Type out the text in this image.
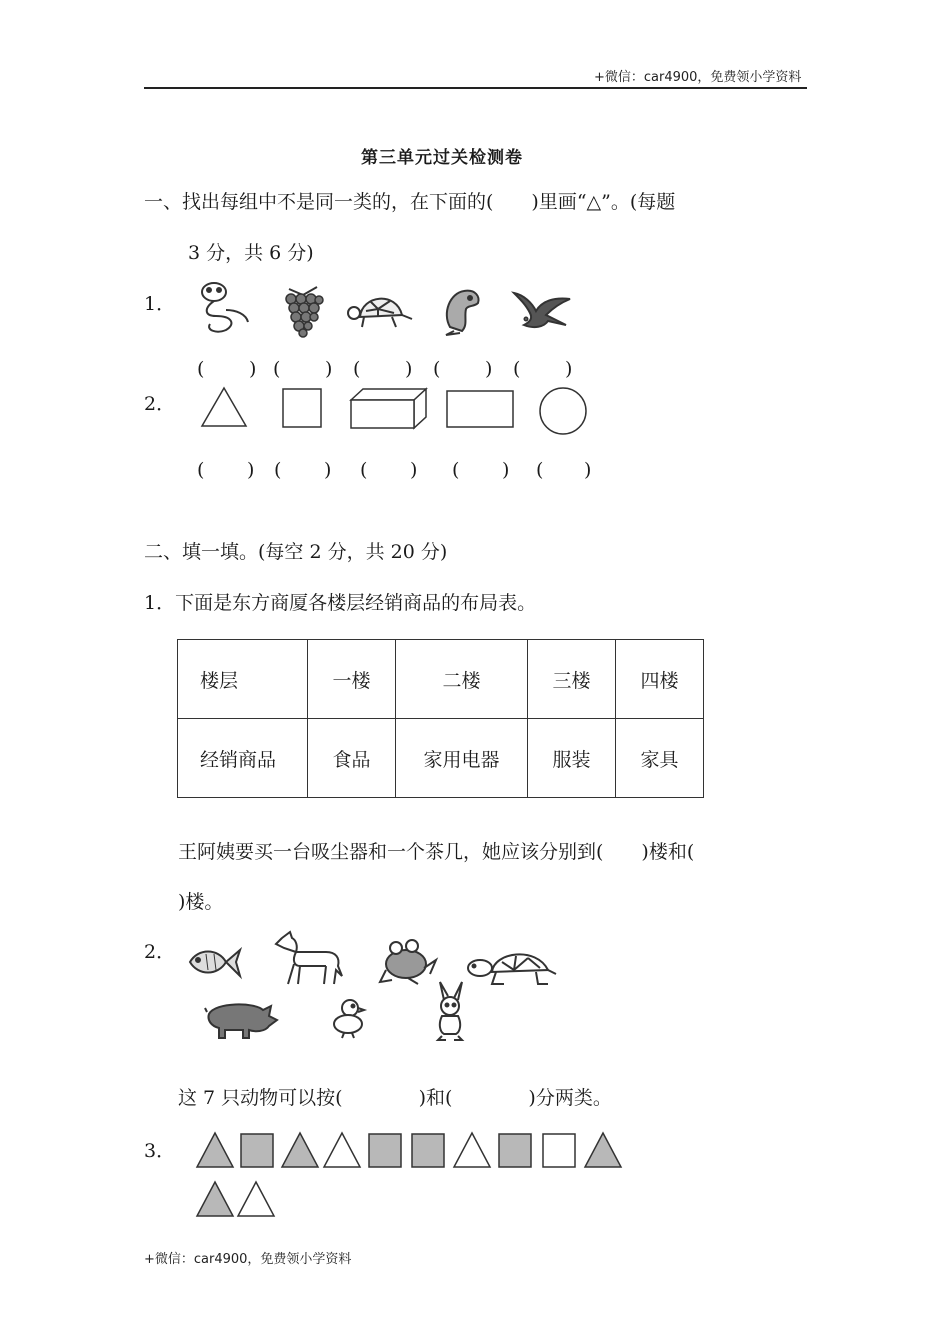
+微信：car4900，免费领小学资料
第三单元过关检测卷
一、找出每组中不是同一类的，在下面的(　　)里画“△”。(每题
3 分，共 6 分)
1．
( ) ( ) ( ) ( ) ( )
2．
( ) ( ) ( ) ( ) ( )
二、填一填。(每空 2 分，共 20 分)
1．下面是东方商厦各楼层经销商品的布局表。
楼层	一楼	二楼	三楼	四楼
经销商品	食品	家用电器	服装	家具
王阿姨要买一台吸尘器和一个茶几，她应该分别到(　　)楼和(
)楼。
2．
这 7 只动物可以按(　　　　)和(　　　　)分两类。
3．
+微信：car4900，免费领小学资料
